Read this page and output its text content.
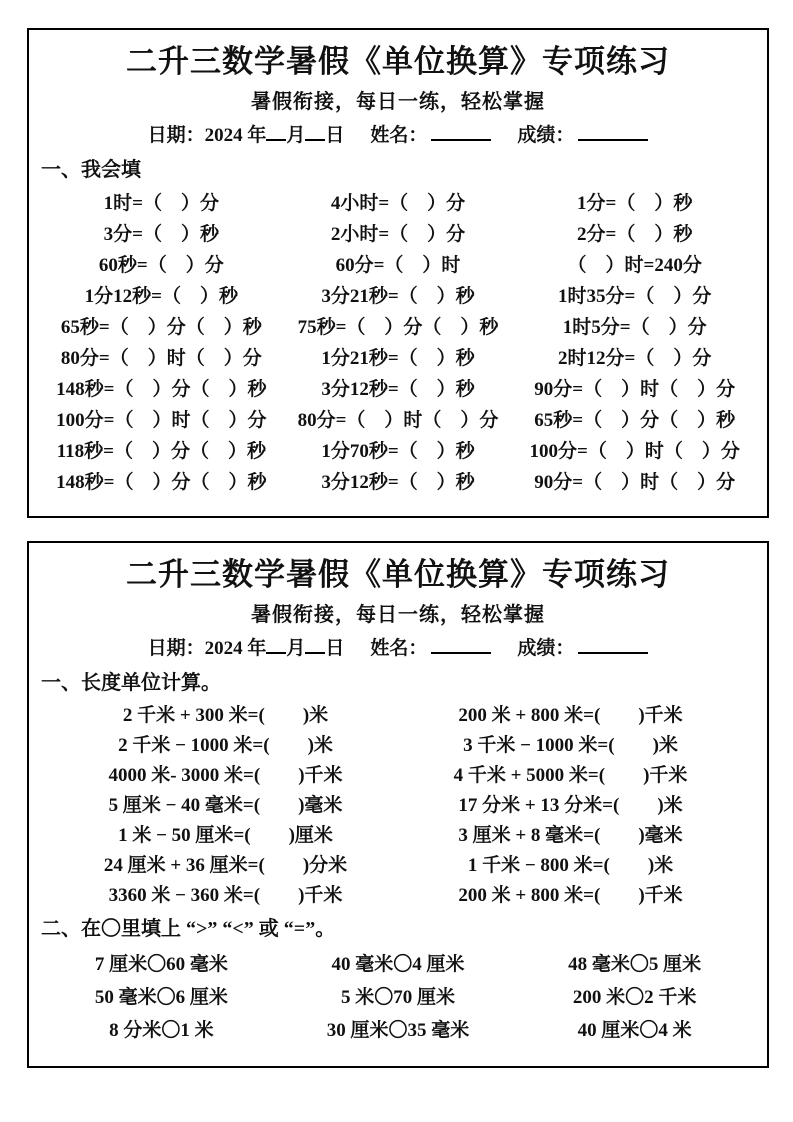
二升三数学暑假《单位换算》专项练习
暑假衔接，每日一练，轻松掌握
日期：2024 年 月 日 姓名：	成绩：
一、我会填
1时=（　）分	4小时=（　）分	1分=（　）秒
3分=（　）秒	2小时=（　）分	2分=（　）秒
60秒=（　）分	60分=（　）时	（　）时=240分
1分12秒=（　）秒	3分21秒=（　）秒	1时35分=（　）分
65秒=（　）分（　）秒	75秒=（　）分（　）秒	1时5分=（　）分
80分=（　）时（　）分	1分21秒=（　）秒	2时12分=（　）分
148秒=（　）分（　）秒	3分12秒=（　）秒	90分=（　）时（　）分
100分=（　）时（　）分	80分=（　）时（　）分	65秒=（　）分（　）秒
118秒=（　）分（　）秒	1分70秒=（　）秒	100分=（　）时（　）分
148秒=（　）分（　）秒	3分12秒=（　）秒	90分=（　）时（　）分
二升三数学暑假《单位换算》专项练习
暑假衔接，每日一练，轻松掌握
日期：2024 年 月 日 姓名：	成绩：
一、长度单位计算。
2 千米 + 300 米=(　　)米	200 米 + 800 米=(　　)千米
2 千米 − 1000 米=(　　)米	3 千米 − 1000 米=(　　)米
4000 米- 3000 米=(　　)千米	4 千米 + 5000 米=(　　)千米
5 厘米 − 40 毫米=(　　)毫米	17 分米 + 13 分米=(　　)米
1 米 − 50 厘米=(　　)厘米	3 厘米 + 8 毫米=(　　)毫米
24 厘米 + 36 厘米=(　　)分米	1 千米 − 800 米=(　　)米
3360 米 − 360 米=(　　)千米	200 米 + 800 米=(　　)千米
二、在〇里填上 “>” “<” 或 “=”。
7 厘米〇60 毫米	40 毫米〇4 厘米	48 毫米〇5 厘米
50 毫米〇6 厘米	5 米〇70 厘米	200 米〇2 千米
8 分米〇1 米	30 厘米〇35 毫米	40 厘米〇4 米
